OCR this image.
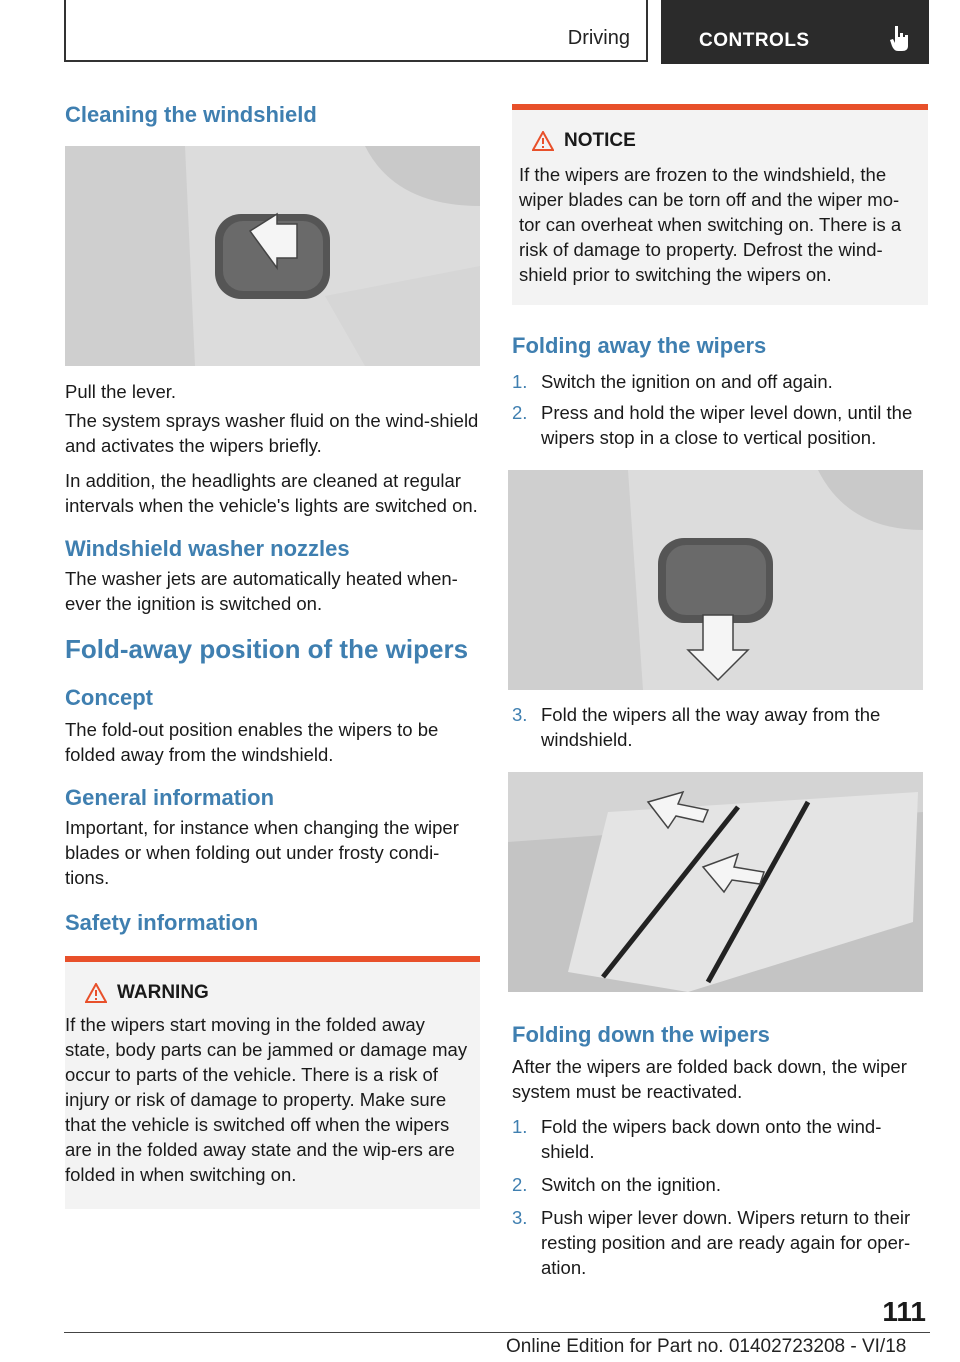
Driving	CONTROLS
Cleaning the windshield

Pull the lever.

The system sprays washer fluid on the wind-shield and activates the wipers briefly.

In addition, the headlights are cleaned at regular intervals when the vehicle's lights are switched on.

Windshield washer nozzles

The washer jets are automatically heated when-ever the ignition is switched on.

Fold-away position of the wipers
Concept

The fold-out position enables the wipers to be folded away from the windshield.

General information

Important, for instance when changing the wiper blades or when folding out under frosty condi-tions.

Safety information
WARNING

If the wipers start moving in the folded away state, body parts can be jammed or damage may occur to parts of the vehicle. There is a risk of injury or risk of damage to property. Make sure that the vehicle is switched off when the wipers are in the folded away state and the wip-ers are folded in when switching on.

NOTICE

If the wipers are frozen to the windshield, the wiper blades can be torn off and the wiper mo-tor can overheat when switching on. There is a risk of damage to property. Defrost the wind-shield prior to switching the wipers on.

Folding away the wipers
1. Switch the ignition on and off again.
2. Press and hold the wiper level down, until the wipers stop in a close to vertical position.
3. Fold the wipers all the way away from the windshield.
Folding down the wipers

After the wipers are folded back down, the wiper system must be reactivated.

1. Fold the wipers back down onto the wind-shield.
2. Switch on the ignition.
3. Push wiper lever down. Wipers return to their resting position and are ready again for oper-ation.
111
Online Edition for Part no. 01402723208 - VI/18
